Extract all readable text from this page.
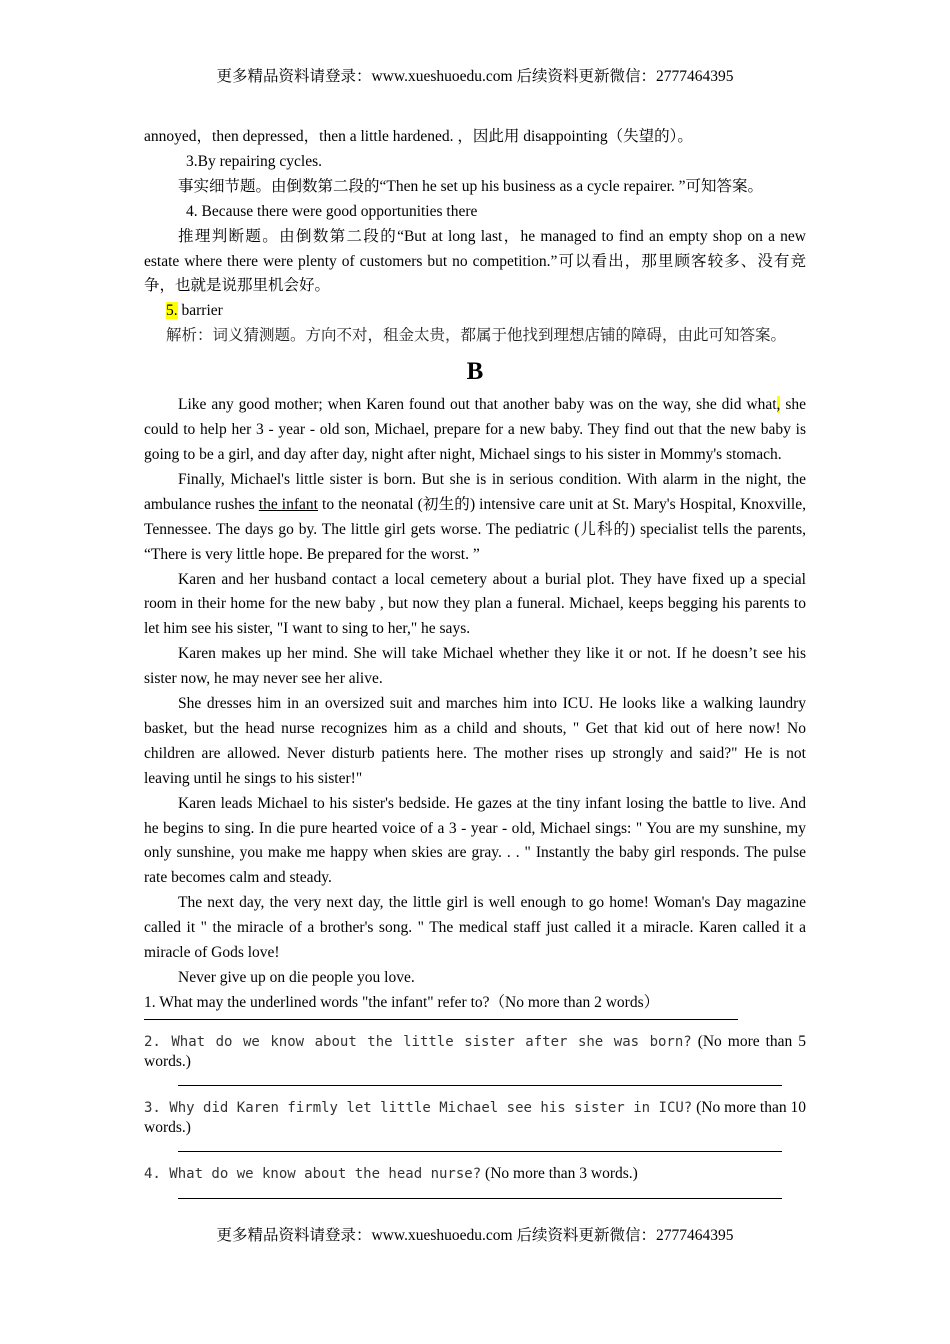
更多精品资料请登录：www.xueshuoedu.com 后续资料更新微信：2777464395

annoyed，then depressed，then a little hardened. ，因此用 disappointing（失望的）。

3.By repairing cycles.

事实细节题。由倒数第二段的“Then he set up his business as a cycle repairer. ”可知答案。

4. Because there were good opportunities there

推理判断题。由倒数第二段的“But at long last，he managed to find an empty shop on a new estate where there were plenty of customers but no competition.”可以看出，那里顾客较多、没有竞争，也就是说那里机会好。

5. barrier

解析：词义猜测题。方向不对，租金太贵，都属于他找到理想店铺的障碍，由此可知答案。

B

Like any good mother; when Karen found out that another baby was on the way, she did what, she could to help her 3 - year - old son, Michael, prepare for a new baby. They find out that the new baby is going to be a girl, and day after day, night after night, Michael sings to his sister in Mommy's stomach.

Finally, Michael's little sister is born. But she is in serious condition. With alarm in the night, the ambulance rushes the infant to the neonatal (初生的) intensive care unit at St. Mary's Hospital, Knoxville, Tennessee. The days go by. The little girl gets worse. The pediatric (儿科的) specialist tells the parents, “There is very little hope. Be prepared for the worst. ”

Karen and her husband contact a local cemetery about a burial plot. They have fixed up a special room in their home for the new baby , but now they plan a funeral. Michael, keeps begging his parents to let him see his sister, "I want to sing to her," he says.

Karen makes up her mind. She will take Michael whether they like it or not. If he doesn’t see his sister now, he may never see her alive.

She dresses him in an oversized suit and marches him into ICU. He looks like a walking laundry basket, but the head nurse recognizes him as a child and shouts, " Get that kid out of here now! No children are allowed. Never disturb patients here. The mother rises up strongly and said?" He is not leaving until he sings to his sister!"

Karen leads Michael to his sister's bedside. He gazes at the tiny infant losing the battle to live. And he begins to sing. In die pure hearted voice of a 3 - year - old, Michael sings: " You are my sunshine, my only sunshine, you make me happy when skies are gray. . . " Instantly the baby girl responds. The pulse rate becomes calm and steady.

The next day, the very next day, the little girl is well enough to go home! Woman's Day magazine called it " the miracle of a brother's song. " The medical staff just called it a miracle. Karen called it a miracle of Gods love!

Never give up on die people you love.

1. What may the underlined words "the infant" refer to?（No more than 2 words）

2. What do we know about the little sister after she was born? (No more than 5 words.)

3. Why did Karen firmly let little Michael see his sister in ICU? (No more than 10 words.)

4. What do we know about the head nurse? (No more than 3 words.)

更多精品资料请登录：www.xueshuoedu.com 后续资料更新微信：2777464395
